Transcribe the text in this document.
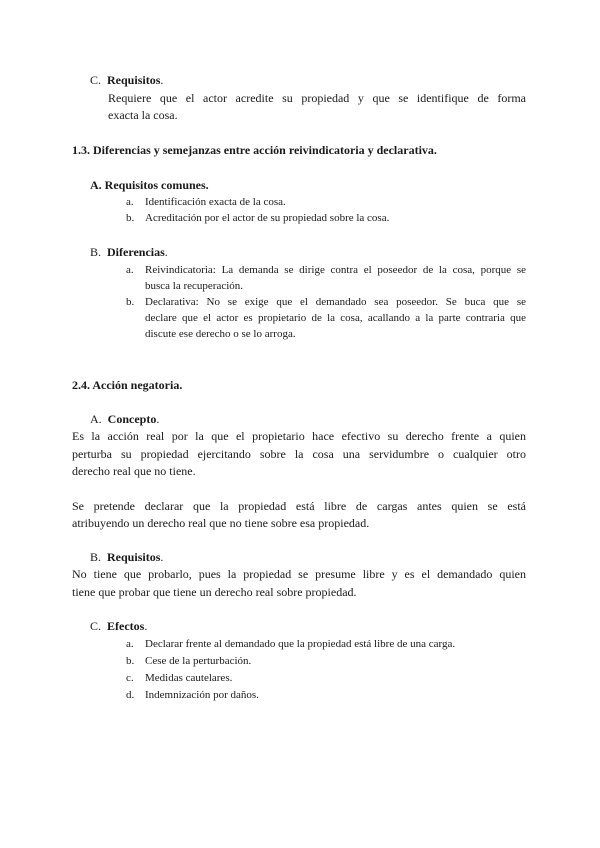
C. Requisitos.
Requiere que el actor acredite su propiedad y que se identifique de forma
exacta la cosa.
1.3. Diferencias y semejanzas entre acción reivindicatoria y declarativa.
A. Requisitos comunes.
a. Identificación exacta de la cosa.
b. Acreditación por el actor de su propiedad sobre la cosa.
B. Diferencias.
a. Reivindicatoria: La demanda se dirige contra el poseedor de la cosa, porque se
busca la recuperación.
b. Declarativa: No se exige que el demandado sea poseedor. Se buca que se
declare que el actor es propietario de la cosa, acallando a la parte contraria que
discute ese derecho o se lo arroga.
2.4. Acción negatoria.
A. Concepto.
Es la acción real por la que el propietario hace efectivo su derecho frente a quien
perturba su propiedad ejercitando sobre la cosa una servidumbre o cualquier otro
derecho real que no tiene.
Se pretende declarar que la propiedad está libre de cargas antes quien se está
atribuyendo un derecho real que no tiene sobre esa propiedad.
B. Requisitos.
No tiene que probarlo, pues la propiedad se presume libre y es el demandado quien
tiene que probar que tiene un derecho real sobre propiedad.
C. Efectos.
a. Declarar frente al demandado que la propiedad está libre de una carga.
b. Cese de la perturbación.
c. Medidas cautelares.
d. Indemnización por daños.
